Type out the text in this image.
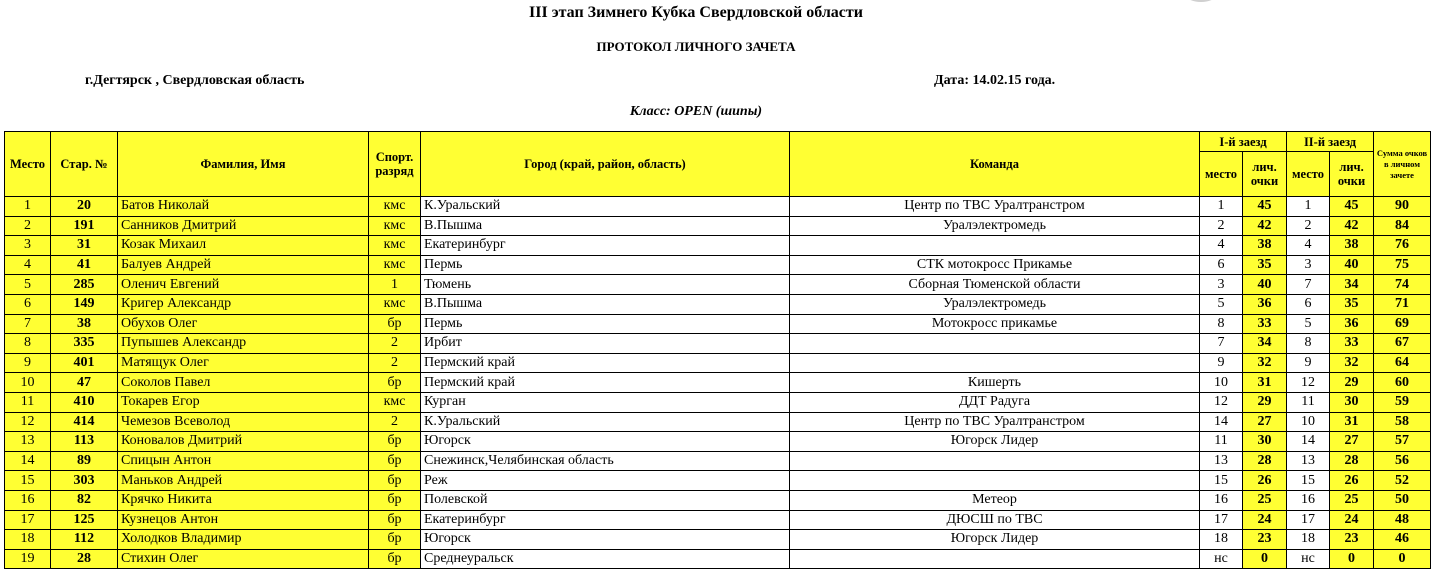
III этап Зимнего Кубка Свердловской области
ПРОТОКОЛ ЛИЧНОГО ЗАЧЕТА
г.Дегтярск , Свердловская область	Дата: 14.02.15 года.
Класс: OPEN (шипы)
Место	Стар. №	Фамилия, Имя	Спорт. разряд	Город (край, район, область)	Команда	I-й заезд		II-й заезд		Сумма очков в личном зачете
						место	лич. очки	место	лич. очки	
1	20	Батов Николай	кмс	К.Уральский	Центр по ТВС Уралтранстром	1	45	1	45	90
2	191	Санников Дмитрий	кмс	В.Пышма	Уралэлектромедь	2	42	2	42	84
3	31	Козак Михаил	кмс	Екатеринбург		4	38	4	38	76
4	41	Балуев Андрей	кмс	Пермь	СТК мотокросс Прикамье	6	35	3	40	75
5	285	Оленич Евгений	1	Тюмень	Сборная Тюменской области	3	40	7	34	74
6	149	Кригер Александр	кмс	В.Пышма	Уралэлектромедь	5	36	6	35	71
7	38	Обухов Олег	бр	Пермь	Мотокросс прикамье	8	33	5	36	69
8	335	Пупышев Александр	2	Ирбит		7	34	8	33	67
9	401	Матящук Олег	2	Пермский край		9	32	9	32	64
10	47	Соколов Павел	бр	Пермский край	Кишерть	10	31	12	29	60
11	410	Токарев Егор	кмс	Курган	ДДТ Радуга	12	29	11	30	59
12	414	Чемезов Всеволод	2	К.Уральский	Центр по ТВС Уралтранстром	14	27	10	31	58
13	113	Коновалов Дмитрий	бр	Югорск	Югорск Лидер	11	30	14	27	57
14	89	Спицын Антон	бр	Снежинск,Челябинская область		13	28	13	28	56
15	303	Маньков Андрей	бр	Реж		15	26	15	26	52
16	82	Крячко Никита	бр	Полевской	Метеор	16	25	16	25	50
17	125	Кузнецов Антон	бр	Екатеринбург	ДЮСШ по ТВС	17	24	17	24	48
18	112	Холодков Владимир	бр	Югорск	Югорск Лидер	18	23	18	23	46
19	28	Стихин Олег	бр	Среднеуральск		нс	0	нс	0	0
